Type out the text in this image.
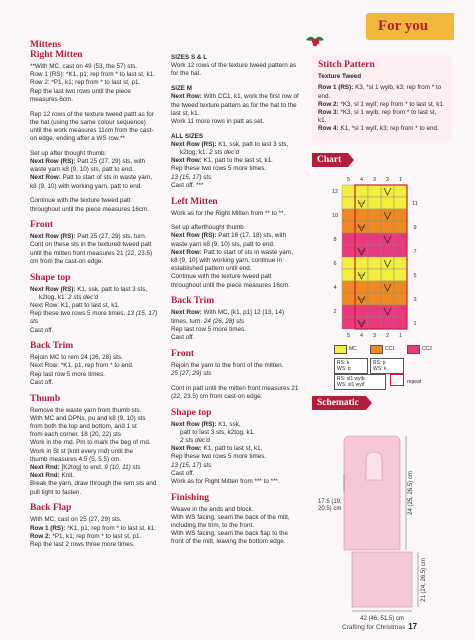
For you
Mittens
Right Mitten

**With MC, cast on 49 (53, the 57) sts.
Row 1 (RS): *K1, p1; rep from * to last st, k1.
Row 2: *P1, k1; rep from * to last st, p1.
Rep the last two rows until the piece measures 6cm.

Rep 12 rows of the texture tweed pattt as for
the hat (using the same colour sequence)
until the work measures 11cm from the cast-
on edge, ending after a WS row.**

Set up after thought thumb:
Next Row (RS): Patt 25 (27, 29) sts, with waste yarn k8 (9, 10) sts, patt to end.
Next Row: Patt to start of sts in waste yarn, k8 (9, 10) with working yarn, patt to end.

Continue with the texture tweed patt throughout until the piece measures 16cm.

Front

Next Row (RS): Patt 25 (27, 29) sts, turn. Cont on these sts in the textured tweed patt until the mitten front measures 21 (22, 23.5) cm from the cast-on edge.

Shape top

Next Row (RS): K1, ssk, patt to last 3 sts,
k2tog, k1. 2 sts dec'd
Next Row: K1, patt to last st, k1.
Rep these two rows 5 more times. 13 (15, 17) sts
Cast off.

Back Trim

Rejoin MC to rem 24 (26, 28) sts.
Next Row: *K1, p1, rep from * to end.
Rep last row 5 more times.
Cast off.

Thumb

Remove the waste yarn from thumb sts.
With MC and DPNs, pu and k8 (9, 10) sts
from both the top and bottom, and 1 st
from each corner. 18 (20, 22) sts
Work in the rnd. Pm to mark the beg of rnd.
Work in St st (knit every rnd) until the
thumb measures 4.5 (5, 5.5) cm.
Next Rnd: [K2tog] to end. 9 (10, 11) sts
Next Rnd: Knit.
Break the yarn, draw through the rem sts and pull tight to fasten.

Back Flap

With MC, cast on 25 (27, 29) sts.
Row 1 (RS): *K1, p1; rep from * to last st, k1.
Row 2: *P1, k1; rep from * to last st, p1.
Rep the last 2 rows three more times.

SIZES S & L
Work 12 rows of the texture tweed pattern as for the hat.

SIZE M
Next Row: With CC1, k1, work the first row of the tweed texture pattern as for the hat to the last st, k1.
Work 11 more rows in patt as set.

ALL SIZES
Next Row (RS): K1, ssk, patt to last 3 sts,
k2tog, k1. 2 sts dec'd
Next Row: K1, patt to the last st, k1.
Rep these two rows 5 more times.
13 (15, 17) sts
Cast off. ***

Left Mitten

Work as for the Right Mitten from ** to **.

Set up afterthought thumb
Next Row (RS): Patt 16 (17, 18) sts, with waste yarn k8 (9, 10) sts, patt to end.
Next Row: Patt to start of sts in waste yarn, k8 (9, 10) with working yarn, continue in established pattern until end.
Continue with the texture tweed patt throughout until the piece measures 16cm.

Back Trim

Next Row: With MC, [k1, p1] 12 (13, 14) times, turn. 24 (26, 28) sts
Rep last row 5 more times.
Cast off.

Front

Rejoin the yarn to the front of the mitten.
25 (27, 29) sts

Cont in patt until the mitten front measures 21 (22, 23.5) cm from cast-on edge.

Shape top

Next Row (RS): K1, ssk,
patt to last 3 sts, k2tog, k1.
2 sts dec'd
Next Row: K1, patt to last st, k1.
Rep these two rows 5 more times.
13 (15, 17) sts
Cast off.
Work as for Right Mitten from *** to ***.

Finishing

Weave in the ends and block.
With WS facing, seam the back of the mitt, including the trim, to the front.
With WS facing, seam the back flap to the front of the mitt, leaving the bottom edge.

Stitch Pattern
Texture Tweed
Row 1 (RS): K3, *sl 1 wyib, k3; rep from * to end.
Row 2: *K3, sl 1 wyif; rep from * to last st, k1.
Row 3: *K3, sl 1 wyib; rep from * to last st, k1.
Row 4: K1, *sl 1 wyif, k3; rep from * to end.
Chart
5
5
4
4
3
3
2
2
1
1
12
10
8
6
4
2
11
9
7
5
3
1
MC	CC1	CC2
RS: k
WS: p
RS: p
WS: k
RS: sl1 wyib
WS: sl1 wyif	repeat
Schematic
24 (25, 26.5) cm
17.5 (19, 20.5) cm
21 (24, 26.5) cm
42 (46, 51.5) cm
Crafting for Christmas 17
